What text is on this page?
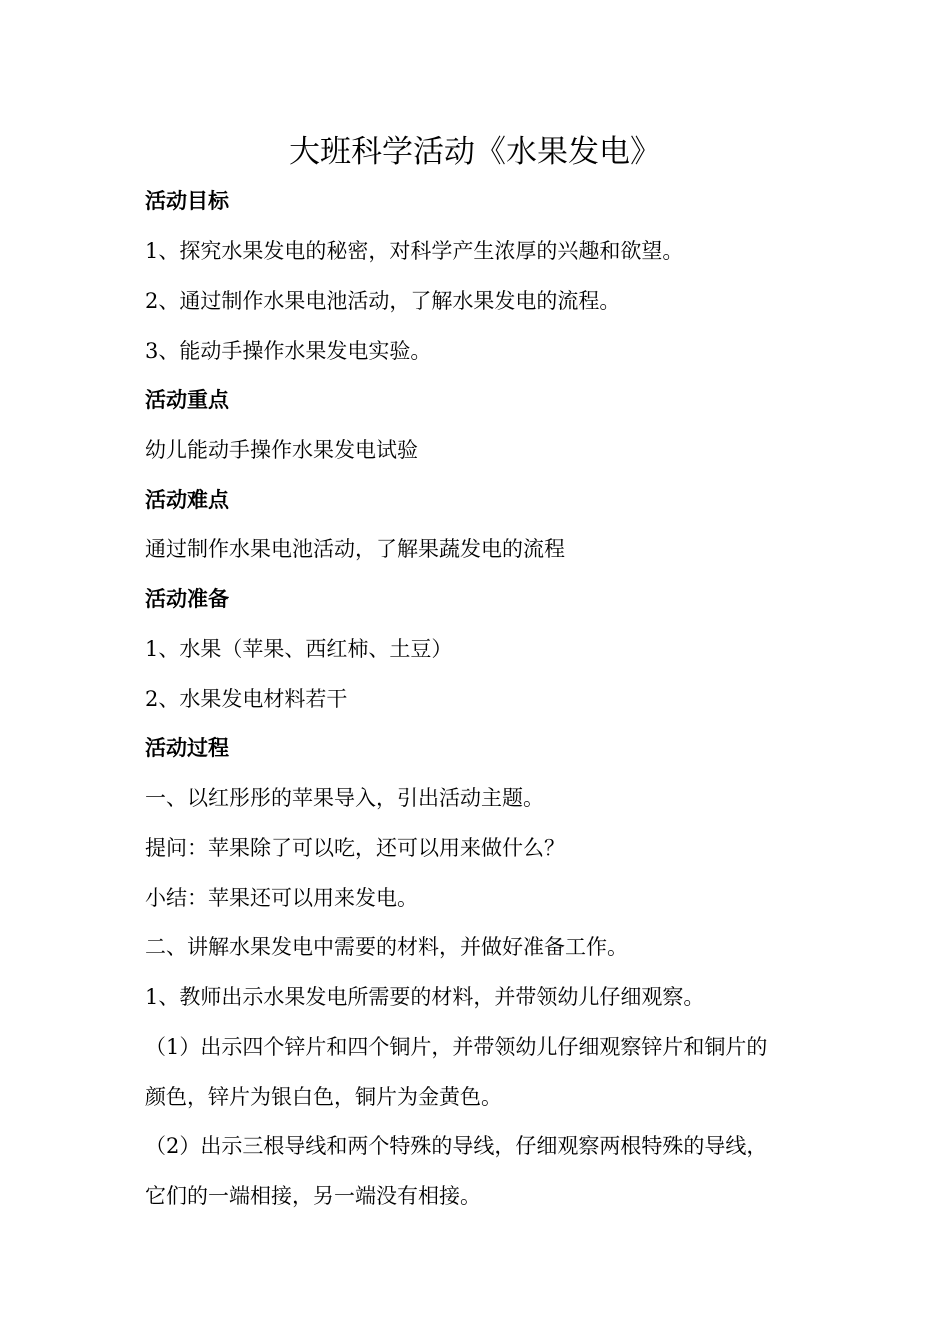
大班科学活动《水果发电》
活动目标
1、探究水果发电的秘密，对科学产生浓厚的兴趣和欲望。
2、通过制作水果电池活动，了解水果发电的流程。
3、能动手操作水果发电实验。
活动重点
幼儿能动手操作水果发电试验
活动难点
通过制作水果电池活动，了解果蔬发电的流程
活动准备
1、水果（苹果、西红柿、土豆）
2、水果发电材料若干
活动过程
一、以红彤彤的苹果导入，引出活动主题。
提问：苹果除了可以吃，还可以用来做什么？
小结：苹果还可以用来发电。
二、讲解水果发电中需要的材料，并做好准备工作。
1、教师出示水果发电所需要的材料，并带领幼儿仔细观察。
（1）出示四个锌片和四个铜片，并带领幼儿仔细观察锌片和铜片的
颜色，锌片为银白色，铜片为金黄色。
（2）出示三根导线和两个特殊的导线，仔细观察两根特殊的导线，
它们的一端相接，另一端没有相接。
